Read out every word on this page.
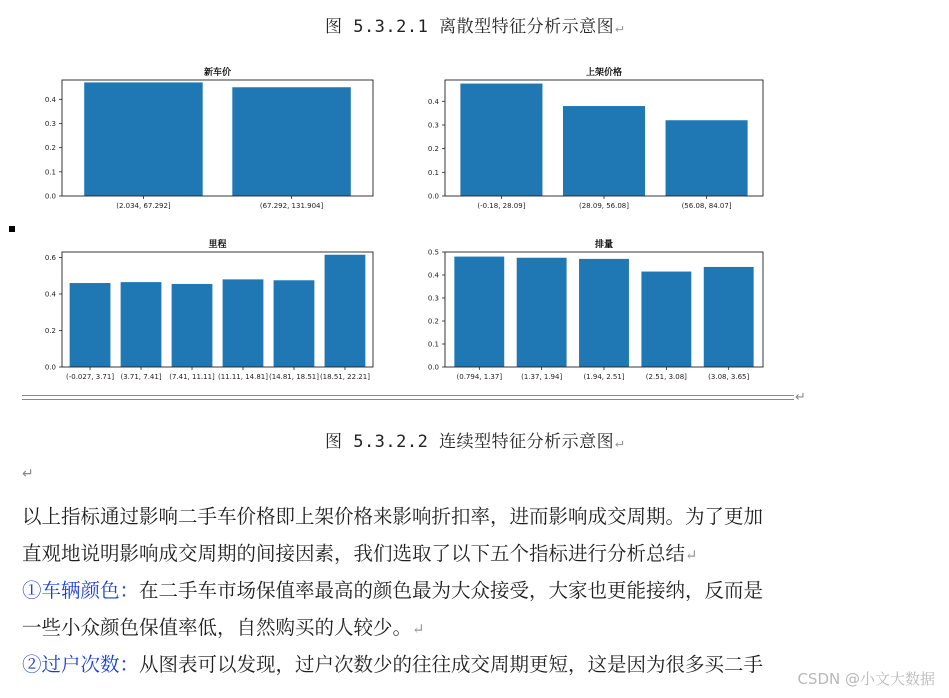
图 5.3.2.1 离散型特征分析示意图↵
新车价
(2.034, 67.292]	(67.292, 131.904]
0.0
0.1
0.2
0.3
0.4
上架价格
(-0.18, 28.09]	(28.09, 56.08]	(56.08, 84.07]
0.0
0.1
0.2
0.3
0.4
里程
(-0.027, 3.71] (3.71, 7.41] (7.41, 11.11] (11.11, 14.81] (14.81, 18.51] (18.51, 22.21]
0.0
0.2
0.4
0.6
排量
(0.794, 1.37]	(1.37, 1.94]	(1.94, 2.51]	(2.51, 3.08]	(3.08, 3.65]
0.0
0.1
0.2
0.3
0.4
0.5
↵
图 5.3.2.2 连续型特征分析示意图↵
↵
以上指标通过影响二手车价格即上架价格来影响折扣率，进而影响成交周期。为了更加
直观地说明影响成交周期的间接因素，我们选取了以下五个指标进行分析总结↵
①车辆颜色：在二手车市场保值率最高的颜色最为大众接受，大家也更能接纳，反而是
一些小众颜色保值率低，自然购买的人较少。↵
②过户次数：从图表可以发现，过户次数少的往往成交周期更短，这是因为很多买二手
CSDN @小文大数据
